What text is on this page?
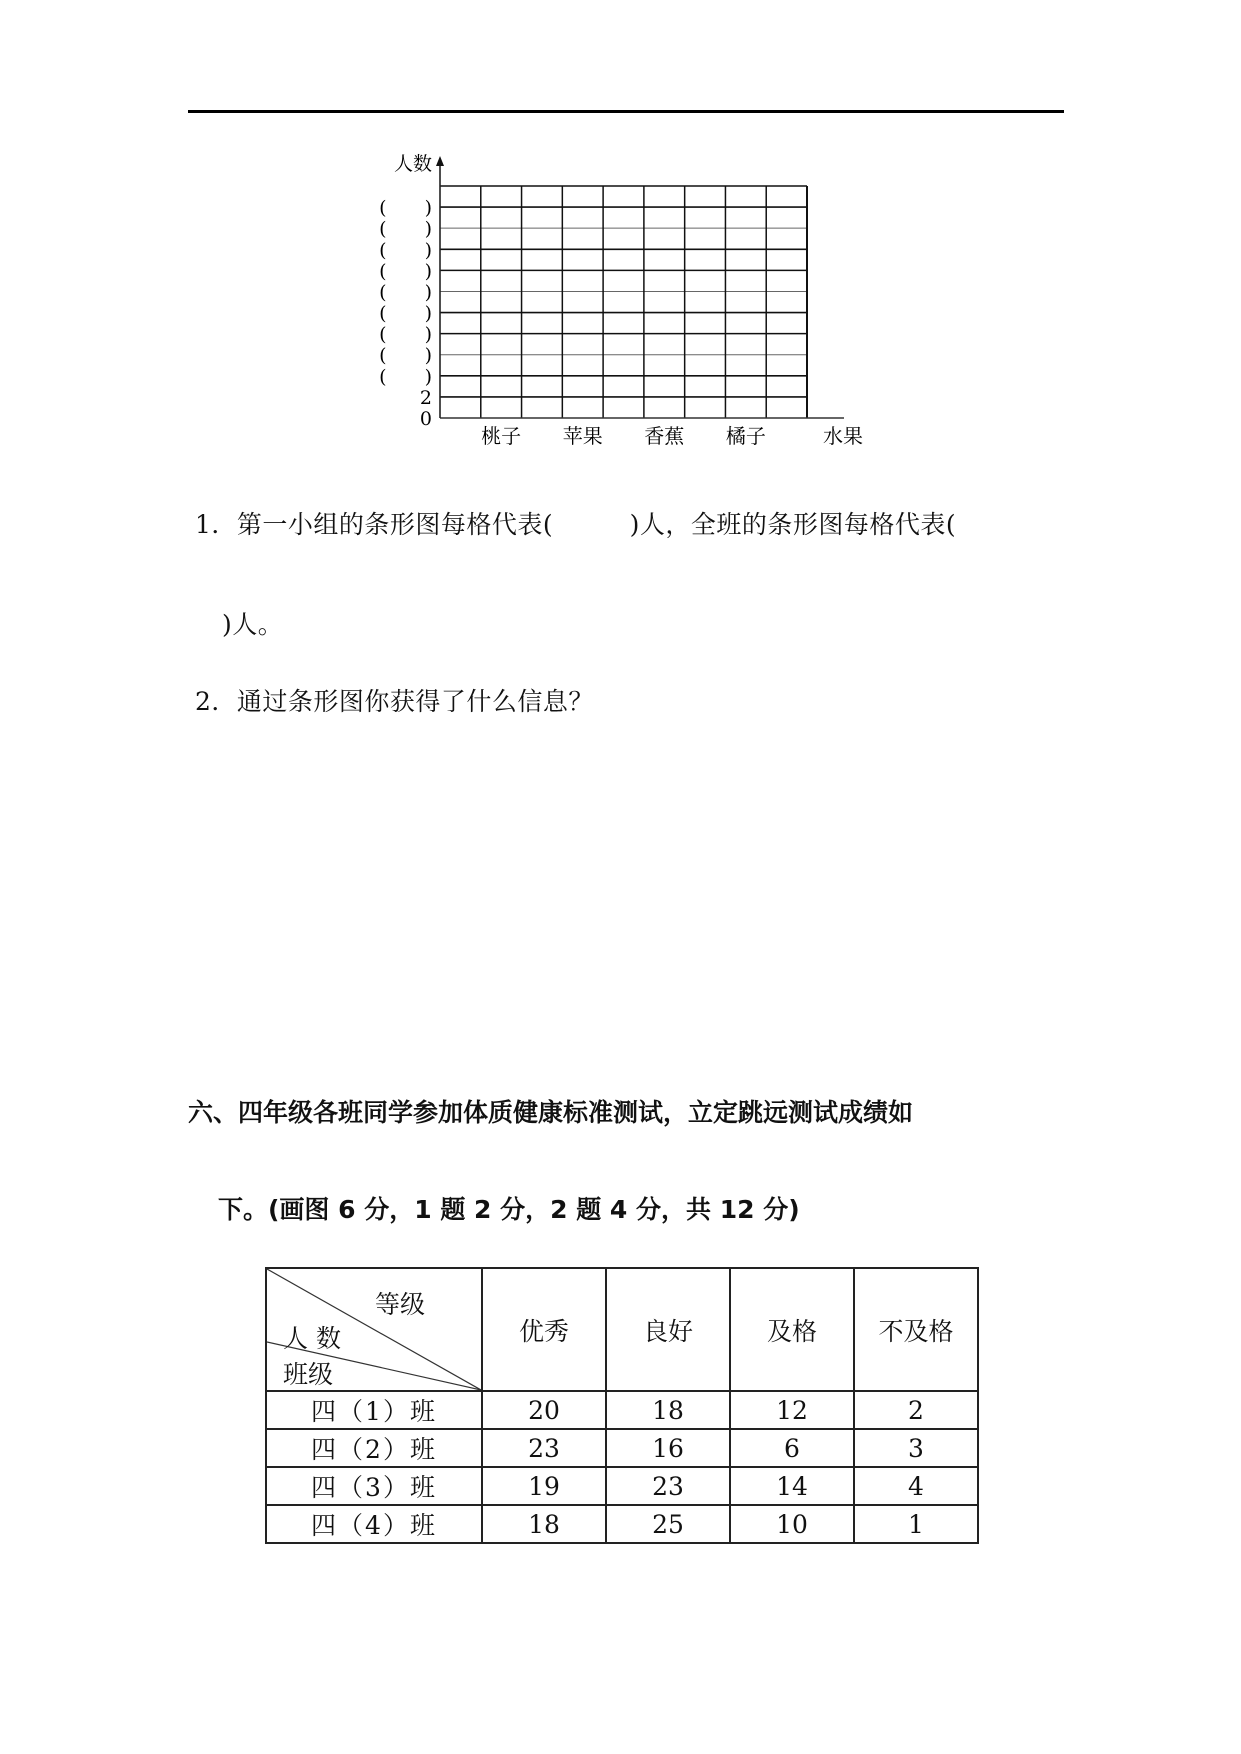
人数
0
2
(　　)
(　　)
(　　)
(　　)
(　　)
(　　)
(　　)
(　　)
(　　)
桃子 苹果 香蕉 橘子	水果
1．第一小组的条形图每格代表(　　　)人，全班的条形图每格代表(
)人。
2．通过条形图你获得了什么信息？
六、四年级各班同学参加体质健康标准测试，立定跳远测试成绩如
下。(画图 6 分，1 题 2 分，2 题 4 分，共 12 分)
等级
人 数
班级	优秀	良好	及格	不及格
四（1）班	20	18	12	2
四（2）班	23	16	6	3
四（3）班	19	23	14	4
四（4）班	18	25	10	1
